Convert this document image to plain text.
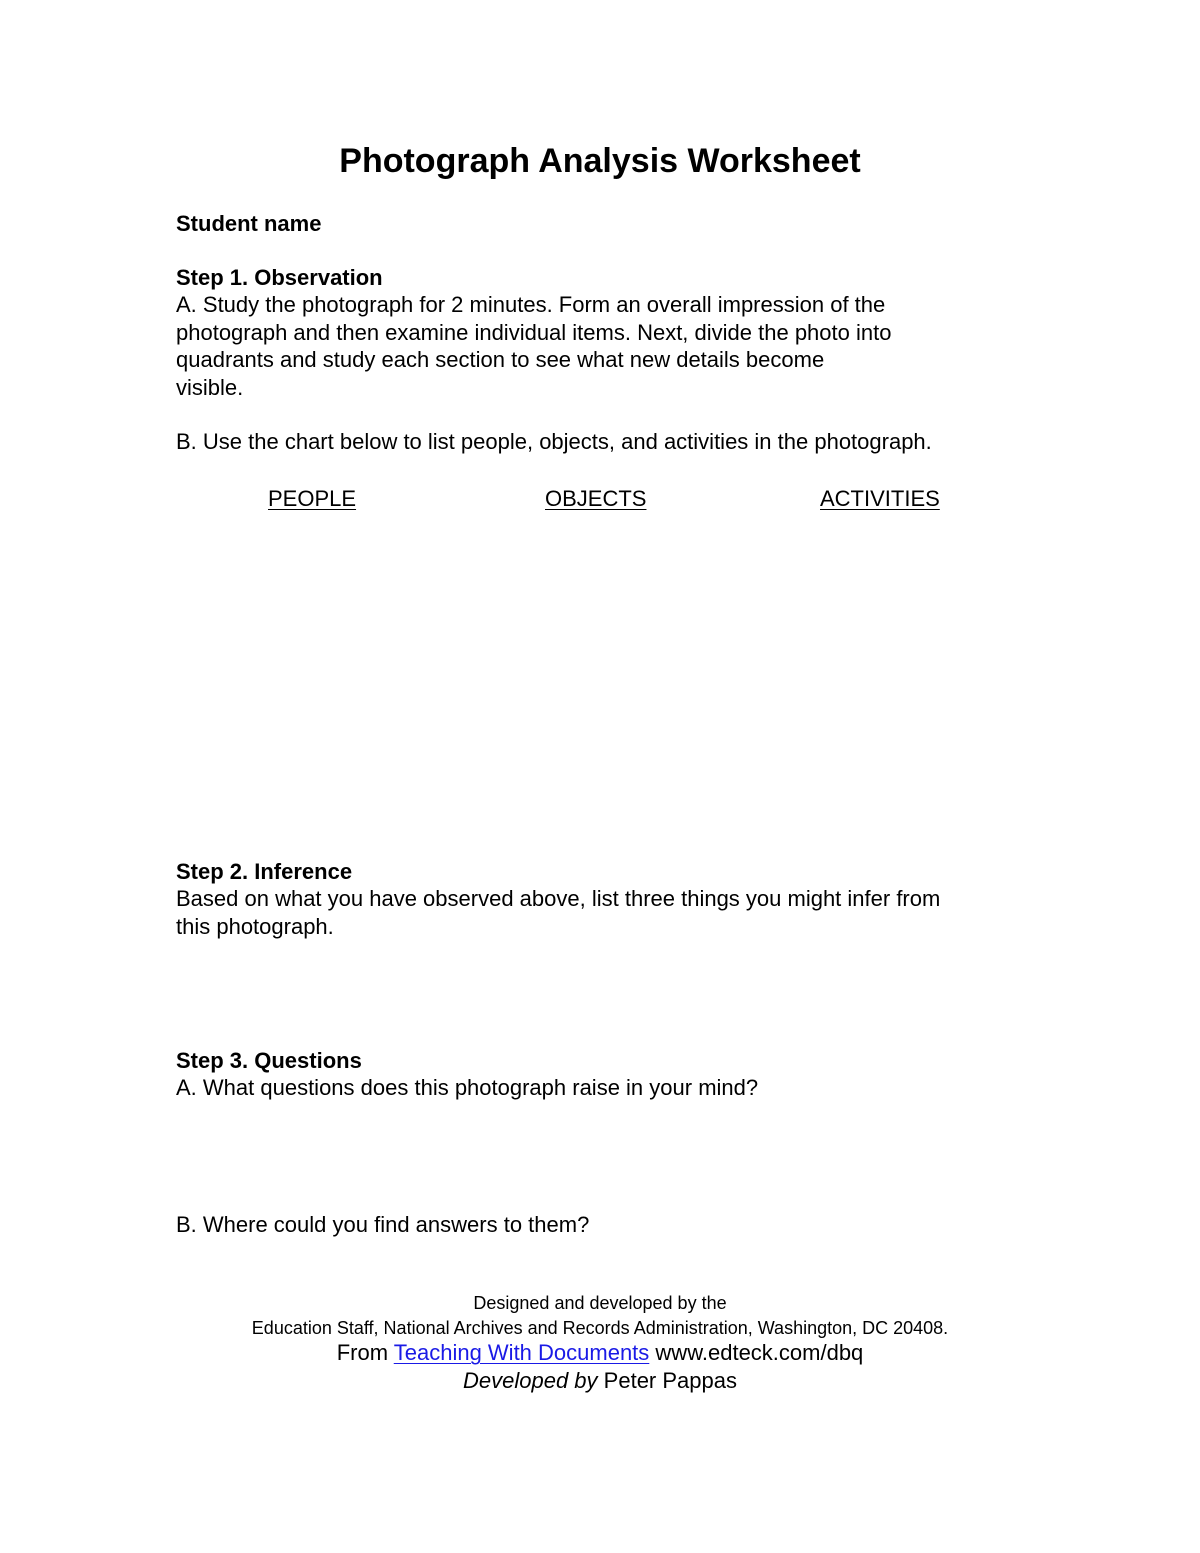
Photograph Analysis Worksheet

Student name

Step 1. Observation

A. Study the photograph for 2 minutes. Form an overall impression of the
photograph and then examine individual items. Next, divide the photo into
quadrants and study each section to see what new details become
visible.

B. Use the chart below to list people, objects, and activities in the photograph.

PEOPLE	OBJECTS	ACTIVITIES

Step 2. Inference

Based on what you have observed above, list three things you might infer from
this photograph.

Step 3. Questions

A. What questions does this photograph raise in your mind?

B. Where could you find answers to them?

Designed and developed by the

Education Staff, National Archives and Records Administration, Washington, DC 20408.

From Teaching With Documents www.edteck.com/dbq

Developed by Peter Pappas
